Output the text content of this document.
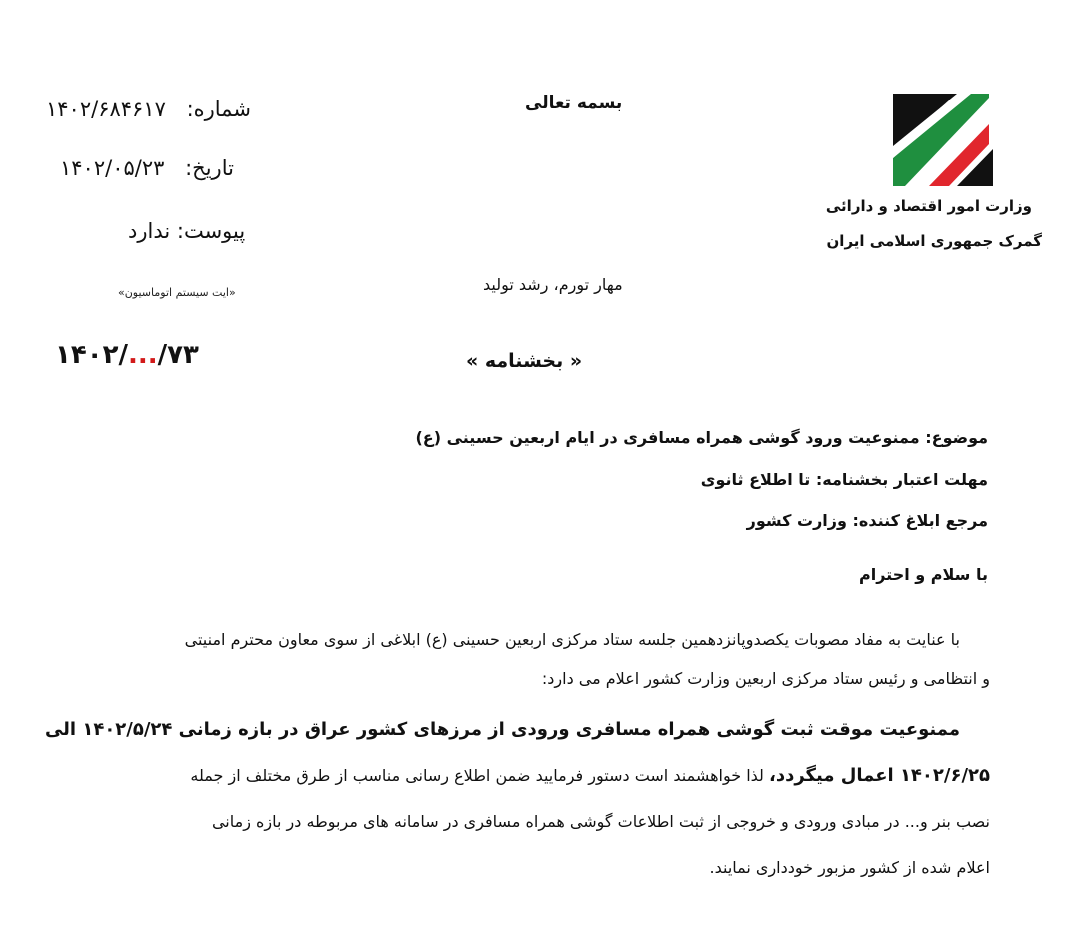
شماره: ۱۴۰۲/۶۸۴۶۱۷
تاریخ: ۱۴۰۲/۰۵/۲۳
پیوست: ندارد
«ایت سیستم اتوماسیون»
بسمه تعالی
مهار تورم، رشد تولید
وزارت امور اقتصاد و دارائی
گمرک جمهوری اسلامی ایران
۱۴۰۲/.../۷۳	« بخشنامه »
موضوع: ممنوعیت ورود گوشی همراه مسافری در ایام اربعین حسینی (ع)
مهلت اعتبار بخشنامه: تا اطلاع ثانوی
مرجع ابلاغ کننده: وزارت کشور
با سلام و احترام
با عنایت به مفاد مصوبات یکصدوپانزدهمین جلسه ستاد مرکزی اربعین حسینی (ع) ابلاغی از سوی معاون محترم امنیتی
و انتظامی و رئیس ستاد مرکزی اربعین وزارت کشور اعلام می دارد:
ممنوعیت موقت ثبت گوشی همراه مسافری ورودی از مرزهای کشور عراق در بازه زمانی ۱۴۰۲/۵/۲۴ الی
۱۴۰۲/۶/۲۵ اعمال میگردد، لذا خواهشمند است دستور فرمایید ضمن اطلاع رسانی مناسب از طرق مختلف از جمله
نصب بنر و... در مبادی ورودی و خروجی از ثبت اطلاعات گوشی همراه مسافری در سامانه های مربوطه در بازه زمانی
اعلام شده از کشور مزبور خودداری نمایند.
